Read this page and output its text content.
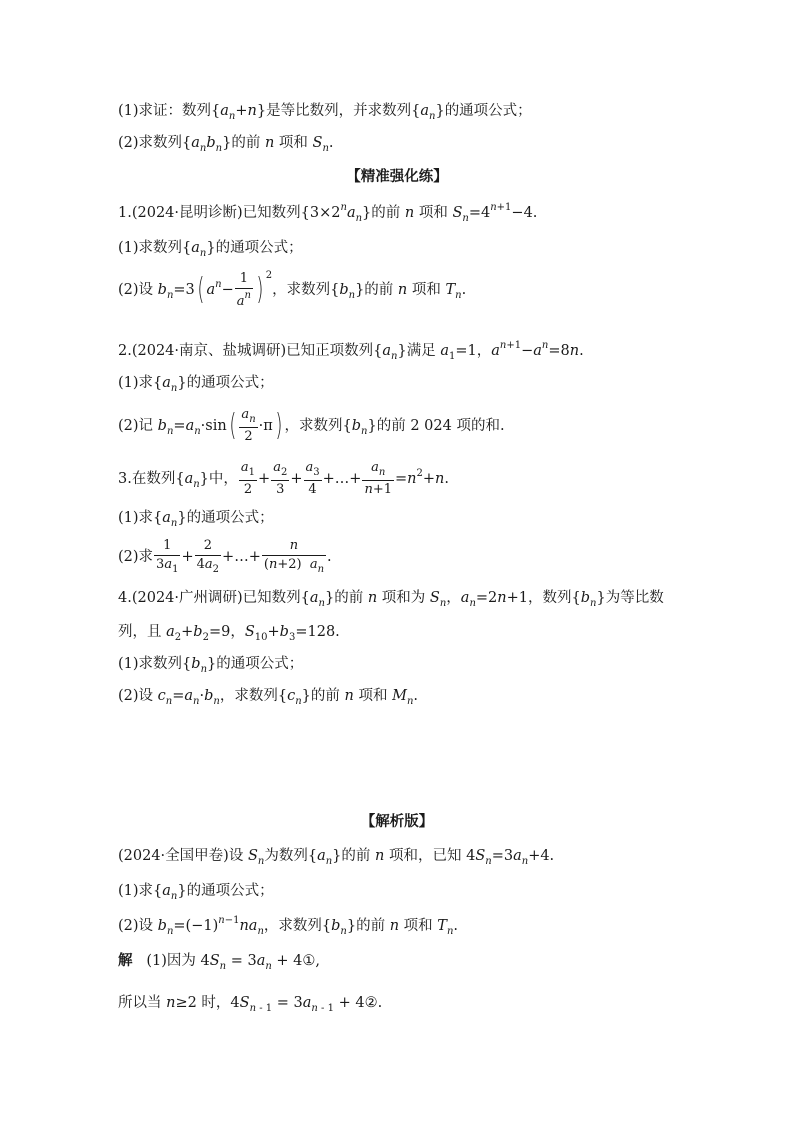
(1)求证：数列$\{a_n+n\}$是等比数列，并求数列$\{a_n\}$的通项公式；
(2)求数列$\{a_nb_n\}$的前 n 项和 $S_n$.
【精准强化练】
1.(2024·昆明诊断)已知数列$\{3\times 2^na_n\}$的前 n 项和 $S_n=4^{n+1}-4$.
(1)求数列$\{a_n\}$的通项公式；
(2)设 $b_n=3$( $a^n- \frac{1}{a^n}$ ) $^2$，求数列$\{b_n\}$的前 n 项和 $T_n$.
2.(2024·南京、盐城调研)已知正项数列$\{a_n\}$满足 $a_1=1$，$a^{n+1}-a^n=8n$.
(1)求$\{a_n\}$的通项公式；
(2)记 $b_n=a_n\cdot\sin( \frac{a_n}{2} \cdot\pi)$ ，求数列$\{b_n\}$的前 2 024 项的和.
3.在数列$\{a_n\}$中， $\frac{a_1}{2} + \frac{a_2}{3} + \frac{a_3}{4}$ +…+ $\frac{a_n}{n+1} =n^2+n$.
(1)求$\{a_n\}$的通项公式；
(2)求 $\frac{1}{3a_1} + \frac{2}{4a_2}$ +…+ $\frac{n}{(n+2) a_n}$ .
4.(2024·广州调研)已知数列$\{a_n\}$的前 n 项和为 $S_n$，$a_n=2n+1$，数列$\{b_n\}$为等比数
列，且 $a_2+b_2=9$，$S_{10}+b_3=128$.
(1)求数列$\{b_n\}$的通项公式；
(2)设 $c_n=a_n\cdot b_n$，求数列$\{c_n\}$的前 n 项和 $M_n$.
【解析版】
(2024·全国甲卷)设 $S_n$为数列$\{a_n\}$的前 n 项和，已知 $4S_n=3a_n+4$.
(1)求$\{a_n\}$的通项公式；
(2)设 $b_n=(-1)^{n-1}na_n$，求数列$\{b_n\}$的前 n 项和 $T_n$.
解 (1)因为 $4S_n = 3a_n$ + 4①,
所以当 n≥2 时，$4S_{n - 1} = 3a_{n - 1}$ + 4②.
